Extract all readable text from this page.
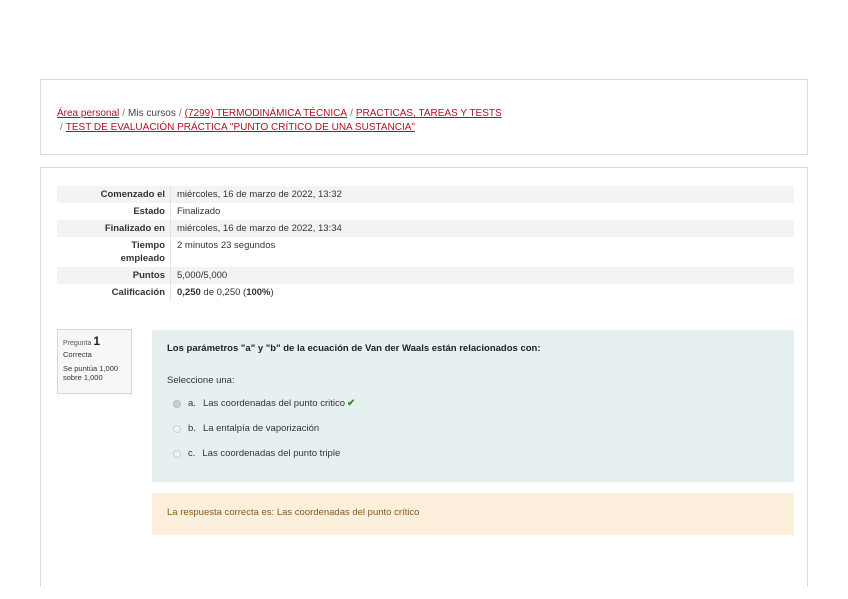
Área personal / Mis cursos / (7299) TERMODINÁMICA TÉCNICA / PRACTICAS, TAREAS Y TESTS
/ TEST DE EVALUACIÓN PRÁCTICA "PUNTO CRÍTICO DE UNA SUSTANCIA"
Comenzado el	miércoles, 16 de marzo de 2022, 13:32
Estado	Finalizado
Finalizado en	miércoles, 16 de marzo de 2022, 13:34
Tiempo
empleado	2 minutos 23 segundos
Puntos	5,000/5,000
Calificación	0,250 de 0,250 (100%)
Pregunta 1
Correcta
Se puntúa 1,000
sobre 1,000
Los parámetros "a" y "b" de la ecuación de Van der Waals están relacionados con:
Seleccione una:
a. Las coordenadas del punto critico ✔
b. La entalpía de vaporización
c. Las coordenadas del punto triple
La respuesta correcta es: Las coordenadas del punto crítico
